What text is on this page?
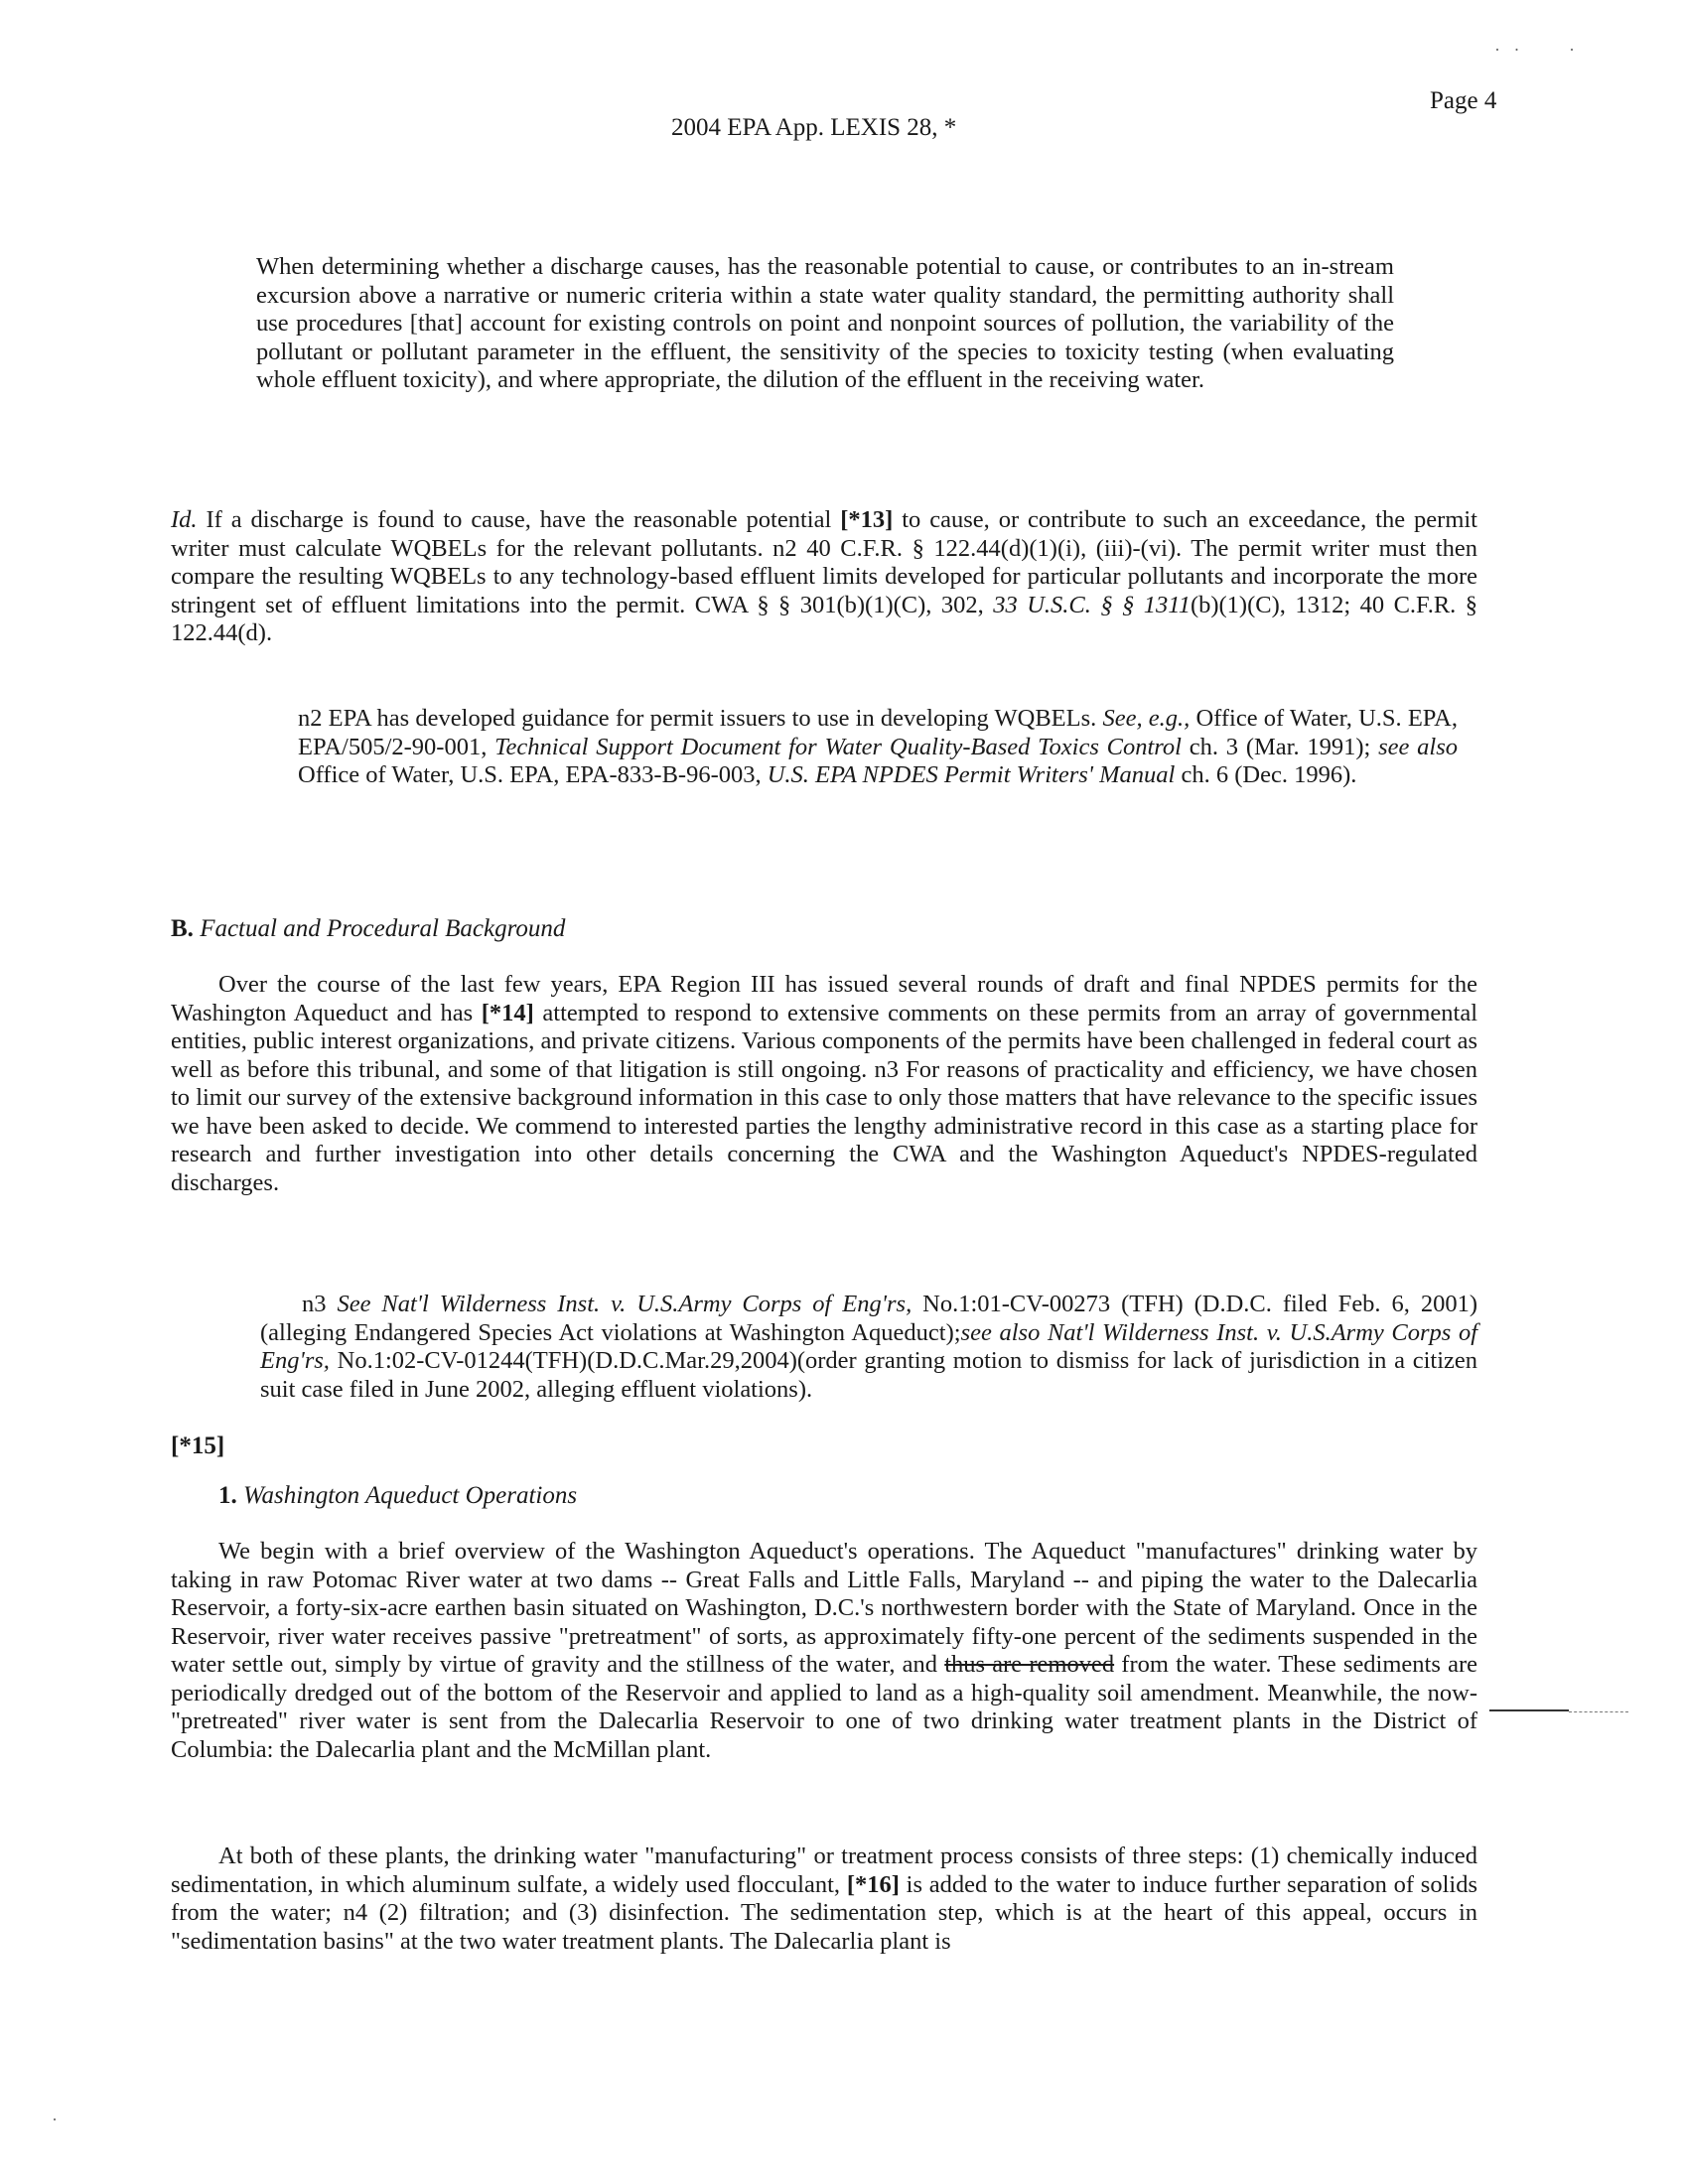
·   ·           ·
Page 4
2004 EPA App. LEXIS 28, *
When determining whether a discharge causes, has the reasonable potential to cause, or contributes to an in-stream excursion above a narrative or numeric criteria within a state water quality standard, the permitting authority shall use procedures [that] account for existing controls on point and nonpoint sources of pollution, the variability of the pollutant or pollutant parameter in the effluent, the sensitivity of the species to toxicity testing (when evaluating whole effluent toxicity), and where appropriate, the dilution of the effluent in the receiving water.
Id. If a discharge is found to cause, have the reasonable potential [*13] to cause, or contribute to such an exceedance, the permit writer must calculate WQBELs for the relevant pollutants. n2 40 C.F.R. § 122.44(d)(1)(i), (iii)-(vi). The permit writer must then compare the resulting WQBELs to any technology-based effluent limits developed for particular pollutants and incorporate the more stringent set of effluent limitations into the permit. CWA § § 301(b)(1)(C), 302, 33 U.S.C. § § 1311(b)(1)(C), 1312; 40 C.F.R. § 122.44(d).
n2 EPA has developed guidance for permit issuers to use in developing WQBELs. See, e.g., Office of Water, U.S. EPA, EPA/505/2-90-001, Technical Support Document for Water Quality-Based Toxics Control ch. 3 (Mar. 1991); see also Office of Water, U.S. EPA, EPA-833-B-96-003, U.S. EPA NPDES Permit Writers' Manual ch. 6 (Dec. 1996).
B. Factual and Procedural Background
Over the course of the last few years, EPA Region III has issued several rounds of draft and final NPDES permits for the Washington Aqueduct and has [*14] attempted to respond to extensive comments on these permits from an array of governmental entities, public interest organizations, and private citizens. Various components of the permits have been challenged in federal court as well as before this tribunal, and some of that litigation is still ongoing. n3 For reasons of practicality and efficiency, we have chosen to limit our survey of the extensive background information in this case to only those matters that have relevance to the specific issues we have been asked to decide. We commend to interested parties the lengthy administrative record in this case as a starting place for research and further investigation into other details concerning the CWA and the Washington Aqueduct's NPDES-regulated discharges.
n3 See Nat'l Wilderness Inst. v. U.S.Army Corps of Eng'rs, No.1:01-CV-00273 (TFH) (D.D.C. filed Feb. 6, 2001)(alleging Endangered Species Act violations at Washington Aqueduct);see also Nat'l Wilderness Inst. v. U.S.Army Corps of Eng'rs, No.1:02-CV-01244(TFH)(D.D.C.Mar.29,2004)(order granting motion to dismiss for lack of jurisdiction in a citizen suit case filed in June 2002, alleging effluent violations).
[*15]
1. Washington Aqueduct Operations
We begin with a brief overview of the Washington Aqueduct's operations. The Aqueduct "manufactures" drinking water by taking in raw Potomac River water at two dams -- Great Falls and Little Falls, Maryland -- and piping the water to the Dalecarlia Reservoir, a forty-six-acre earthen basin situated on Washington, D.C.'s northwestern border with the State of Maryland. Once in the Reservoir, river water receives passive "pretreatment" of sorts, as approximately fifty-one percent of the sediments suspended in the water settle out, simply by virtue of gravity and the stillness of the water, and thus are removed from the water. These sediments are periodically dredged out of the bottom of the Reservoir and applied to land as a high-quality soil amendment. Meanwhile, the now-"pretreated" river water is sent from the Dalecarlia Reservoir to one of two drinking water treatment plants in the District of Columbia: the Dalecarlia plant and the McMillan plant.
At both of these plants, the drinking water "manufacturing" or treatment process consists of three steps: (1) chemically induced sedimentation, in which aluminum sulfate, a widely used flocculant, [*16] is added to the water to induce further separation of solids from the water; n4 (2) filtration; and (3) disinfection. The sedimentation step, which is at the heart of this appeal, occurs in "sedimentation basins" at the two water treatment plants. The Dalecarlia plant is
·
